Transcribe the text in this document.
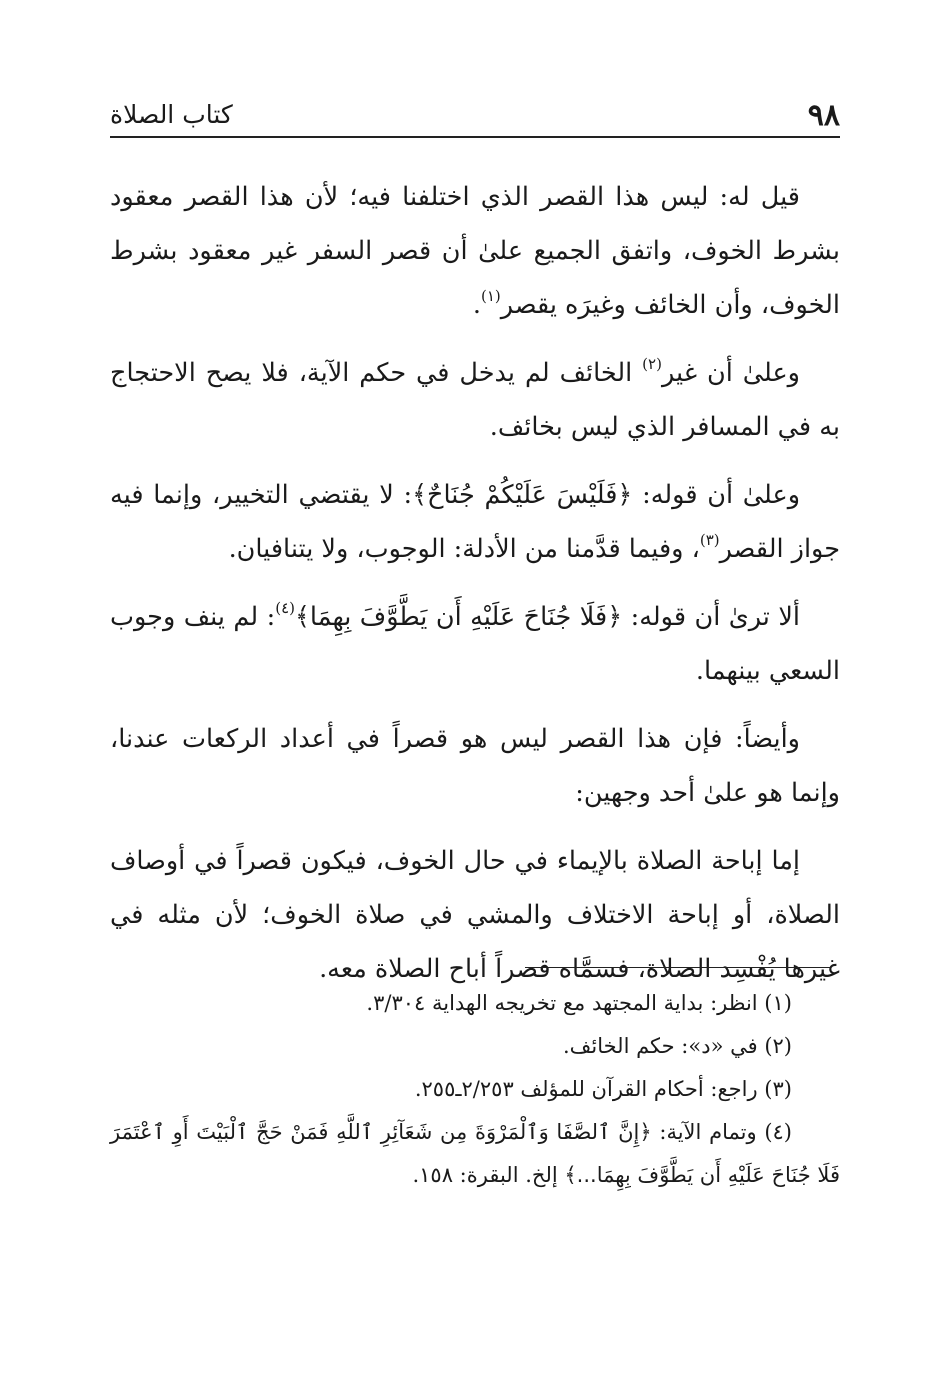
٩٨
كتاب الصلاة

قيل له: ليس هذا القصر الذي اختلفنا فيه؛ لأن هذا القصر معقود بشرط الخوف، واتفق الجميع علىٰ أن قصر السفر غير معقود بشرط الخوف، وأن الخائف وغيرَه يقصر$^{(١)}$.

وعلىٰ أن غير$^{(٢)}$ الخائف لم يدخل في حكم الآية، فلا يصح الاحتجاج به في المسافر الذي ليس بخائف.

وعلىٰ أن قوله: ﴿فَلَيْسَ عَلَيْكُمْ جُنَاحٌ﴾: لا يقتضي التخيير، وإنما فيه جواز القصر$^{(٣)}$، وفيما قدَّمنا من الأدلة: الوجوب، ولا يتنافيان.

ألا ترىٰ أن قوله: ﴿فَلَا جُنَاحَ عَلَيْهِ أَن يَطَّوَّفَ بِهِمَا﴾$^{(٤)}$: لم ينف وجوب السعي بينهما.

وأيضاً: فإن هذا القصر ليس هو قصراً في أعداد الركعات عندنا، وإنما هو علىٰ أحد وجهين:

إما إباحة الصلاة بالإيماء في حال الخوف، فيكون قصراً في أوصاف الصلاة، أو إباحة الاختلاف والمشي في صلاة الخوف؛ لأن مثله في غيرها يُفْسِد الصلاة، فسمَّاه قصراً أباح الصلاة معه.

(١) انظر: بداية المجتهد مع تخريجه الهداية ٣/٣٠٤.

(٢) في «د»: حكم الخائف.

(٣) راجع: أحكام القرآن للمؤلف ٢/٢٥٣ـ٢٥٥.

(٤) وتمام الآية: ﴿إِنَّ ٱلصَّفَا وَٱلْمَرْوَةَ مِن شَعَآئِرِ ٱللَّهِ فَمَنْ حَجَّ ٱلْبَيْتَ أَوِ ٱعْتَمَرَ فَلَا جُنَاحَ عَلَيْهِ أَن يَطَّوَّفَ بِهِمَا...﴾ إلخ. البقرة: ١٥٨.
